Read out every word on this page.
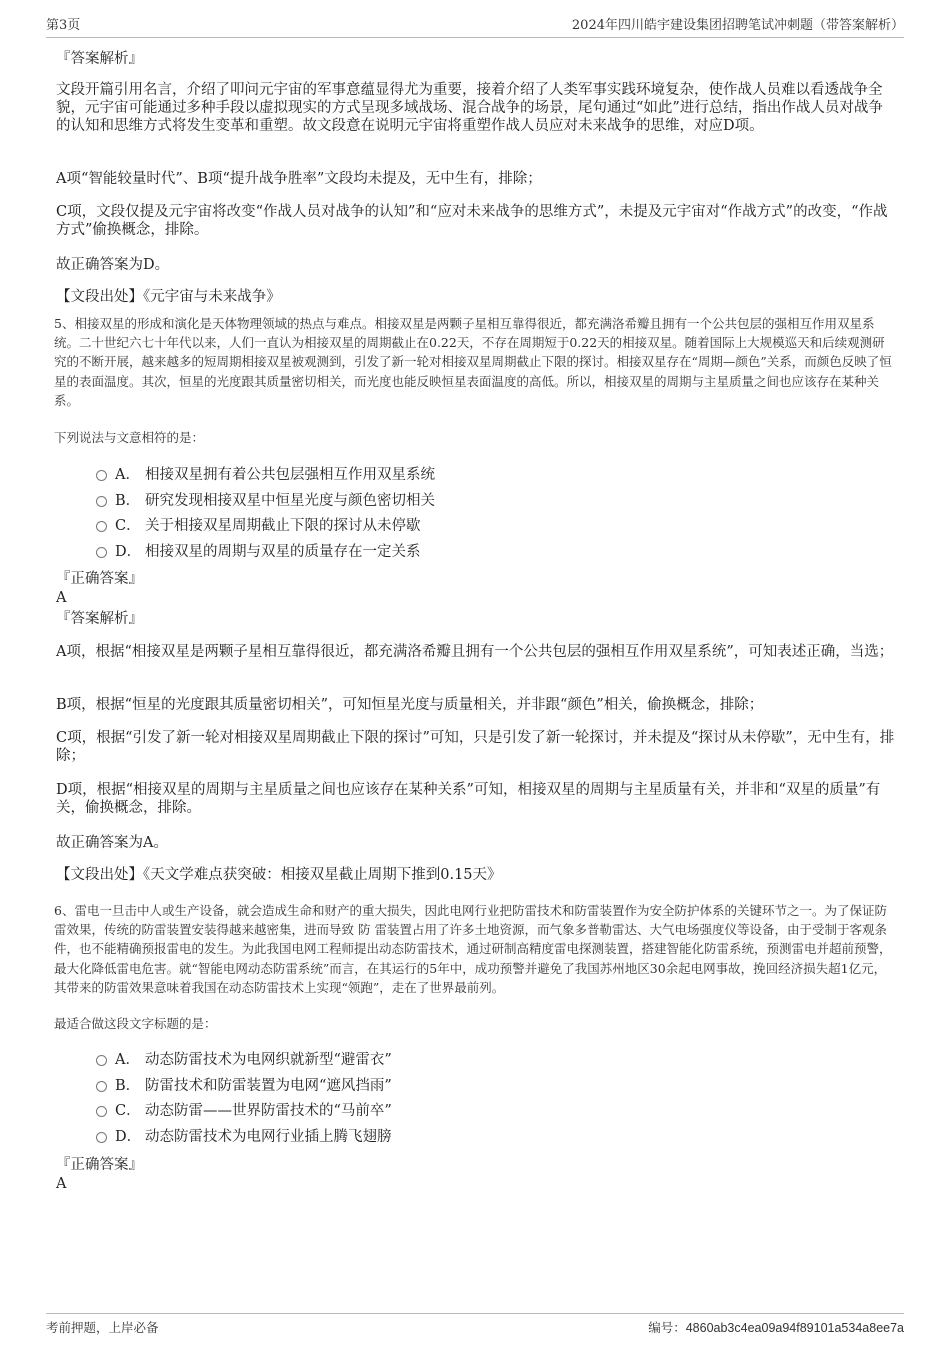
第3页	2024年四川皓宇建设集团招聘笔试冲刺题（带答案解析）
『答案解析』
文段开篇引用名言，介绍了叩问元宇宙的军事意蕴显得尤为重要，接着介绍了人类军事实践环境复杂，使作战人员难以看透战争全貌，元宇宙可能通过多种手段以虚拟现实的方式呈现多域战场、混合战争的场景，尾句通过“如此”进行总结，指出作战人员对战争的认知和思维方式将发生变革和重塑。故文段意在说明元宇宙将重塑作战人员应对未来战争的思维，对应D项。
A项“智能较量时代”、B项“提升战争胜率”文段均未提及，无中生有，排除；
C项，文段仅提及元宇宙将改变“作战人员对战争的认知”和“应对未来战争的思维方式”，未提及元宇宙对“作战方式”的改变，“作战方式”偷换概念，排除。
故正确答案为D。
【文段出处】《元宇宙与未来战争》
5、相接双星的形成和演化是天体物理领域的热点与难点。相接双星是两颗子星相互靠得很近，都充满洛希瓣且拥有一个公共包层的强相互作用双星系统。二十世纪六七十年代以来，人们一直认为相接双星的周期截止在0.22天，不存在周期短于0.22天的相接双星。随着国际上大规模巡天和后续观测研究的不断开展，越来越多的短周期相接双星被观测到，引发了新一轮对相接双星周期截止下限的探讨。相接双星存在“周期—颜色”关系，而颜色反映了恒星的表面温度。其次，恒星的光度跟其质量密切相关，而光度也能反映恒星表面温度的高低。所以，相接双星的周期与主星质量之间也应该存在某种关系。
下列说法与文意相符的是：
A． 相接双星拥有着公共包层强相互作用双星系统
B． 研究发现相接双星中恒星光度与颜色密切相关
C． 关于相接双星周期截止下限的探讨从未停歇
D． 相接双星的周期与双星的质量存在一定关系
『正确答案』
A
『答案解析』
A项，根据“相接双星是两颗子星相互靠得很近，都充满洛希瓣且拥有一个公共包层的强相互作用双星系统”，可知表述正确，当选；
B项，根据“恒星的光度跟其质量密切相关”，可知恒星光度与质量相关，并非跟“颜色”相关，偷换概念，排除；
C项，根据“引发了新一轮对相接双星周期截止下限的探讨”可知，只是引发了新一轮探讨，并未提及“探讨从未停歇”，无中生有，排除；
D项，根据“相接双星的周期与主星质量之间也应该存在某种关系”可知，相接双星的周期与主星质量有关，并非和“双星的质量”有关，偷换概念，排除。
故正确答案为A。
【文段出处】《天文学难点获突破：相接双星截止周期下推到0.15天》
6、雷电一旦击中人或生产设备，就会造成生命和财产的重大损失，因此电网行业把防雷技术和防雷装置作为安全防护体系的关键环节之一。为了保证防雷效果，传统的防雷装置安装得越来越密集，进而导致 防 雷装置占用了许多土地资源，而气象多普勒雷达、大气电场强度仪等设备，由于受制于客观条件，也不能精确预报雷电的发生。为此我国电网工程师提出动态防雷技术，通过研制高精度雷电探测装置，搭建智能化防雷系统，预测雷电并超前预警，最大化降低雷电危害。就“智能电网动态防雷系统”而言，在其运行的5年中，成功预警并避免了我国苏州地区30余起电网事故，挽回经济损失超1亿元，其带来的防雷效果意味着我国在动态防雷技术上实现“领跑”，走在了世界最前列。
最适合做这段文字标题的是：
A． 动态防雷技术为电网织就新型“避雷衣”
B． 防雷技术和防雷装置为电网“遮风挡雨”
C． 动态防雷——世界防雷技术的“马前卒”
D． 动态防雷技术为电网行业插上腾飞翅膀
『正确答案』
A
考前押题，上岸必备	编号：4860ab3c4ea09a94f89101a534a8ee7a
